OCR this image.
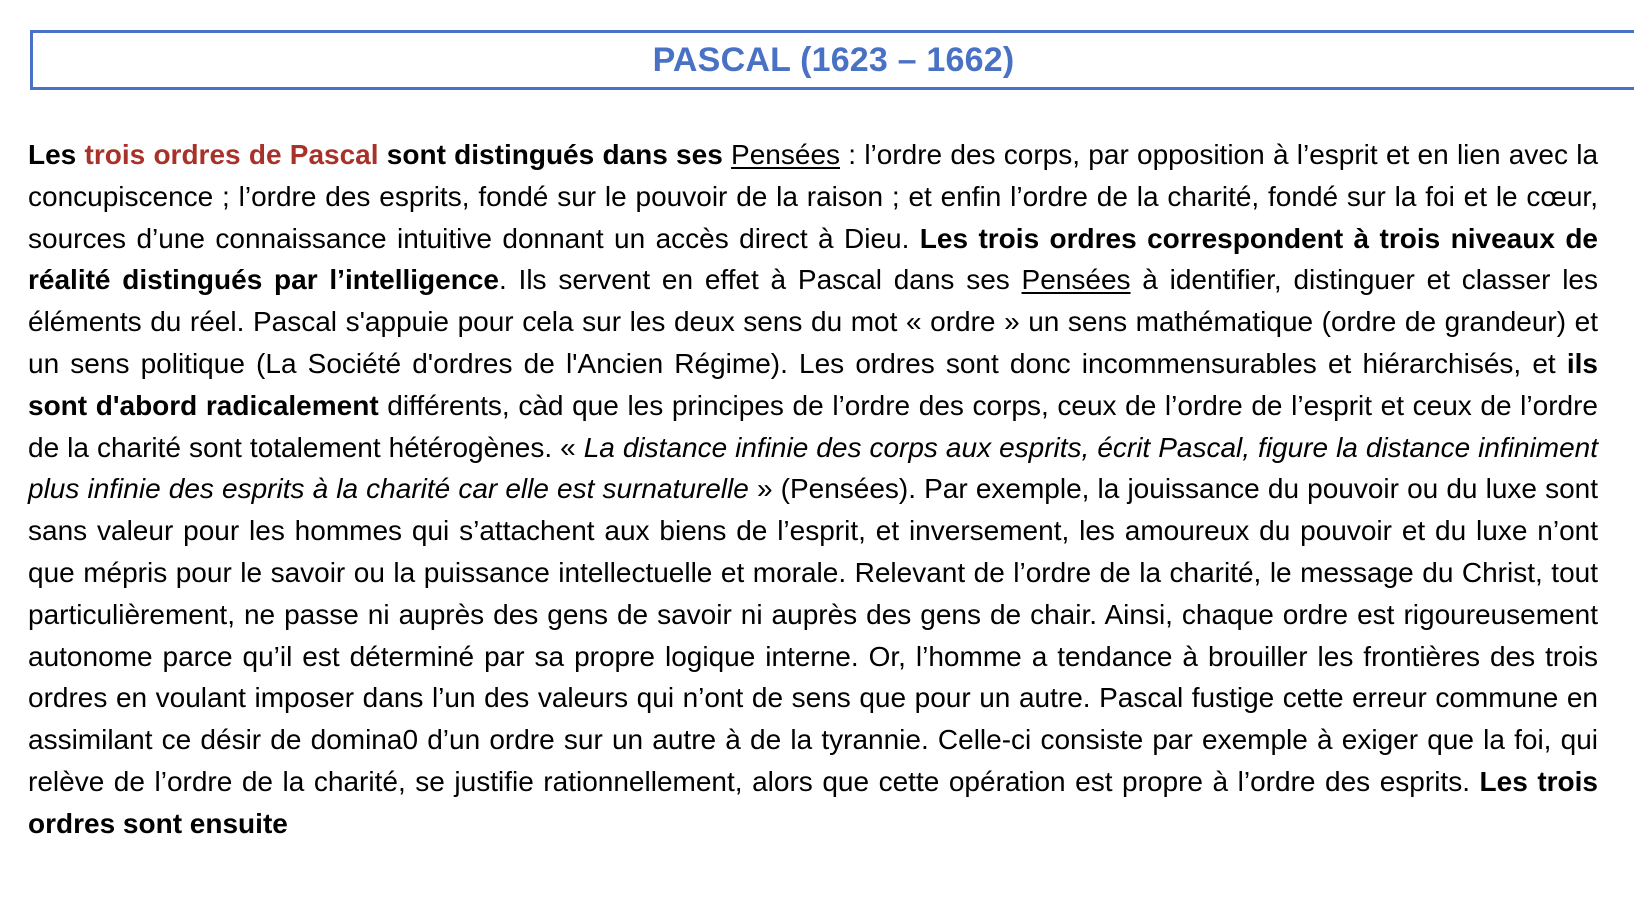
PASCAL (1623 – 1662)
Les trois ordres de Pascal sont distingués dans ses Pensées : l’ordre des corps, par opposition à l’esprit et en lien avec la concupiscence ; l’ordre des esprits, fondé sur le pouvoir de la raison ; et enfin l’ordre de la charité, fondé sur la foi et le cœur, sources d’une connaissance intuitive donnant un accès direct à Dieu. Les trois ordres correspondent à trois niveaux de réalité distingués par l’intelligence. Ils servent en effet à Pascal dans ses Pensées à identifier, distinguer et classer les éléments du réel. Pascal s'appuie pour cela sur les deux sens du mot « ordre » un sens mathématique (ordre de grandeur) et un sens politique (La Société d'ordres de l'Ancien Régime). Les ordres sont donc incommensurables et hiérarchisés, et ils sont d'abord radicalement différents, càd que les principes de l’ordre des corps, ceux de l’ordre de l’esprit et ceux de l’ordre de la charité sont totalement hétérogènes. « La distance infinie des corps aux esprits, écrit Pascal, figure la distance infiniment plus infinie des esprits à la charité car elle est surnaturelle » (Pensées). Par exemple, la jouissance du pouvoir ou du luxe sont sans valeur pour les hommes qui s’attachent aux biens de l’esprit, et inversement, les amoureux du pouvoir et du luxe n’ont que mépris pour le savoir ou la puissance intellectuelle et morale. Relevant de l’ordre de la charité, le message du Christ, tout particulièrement, ne passe ni auprès des gens de savoir ni auprès des gens de chair. Ainsi, chaque ordre est rigoureusement autonome parce qu’il est déterminé par sa propre logique interne. Or, l’homme a tendance à brouiller les frontières des trois ordres en voulant imposer dans l’un des valeurs qui n’ont de sens que pour un autre. Pascal fustige cette erreur commune en assimilant ce désir de domina0 d’un ordre sur un autre à de la tyrannie. Celle-ci consiste par exemple à exiger que la foi, qui relève de l’ordre de la charité, se justifie rationnellement, alors que cette opération est propre à l’ordre des esprits. Les trois ordres sont ensuite
